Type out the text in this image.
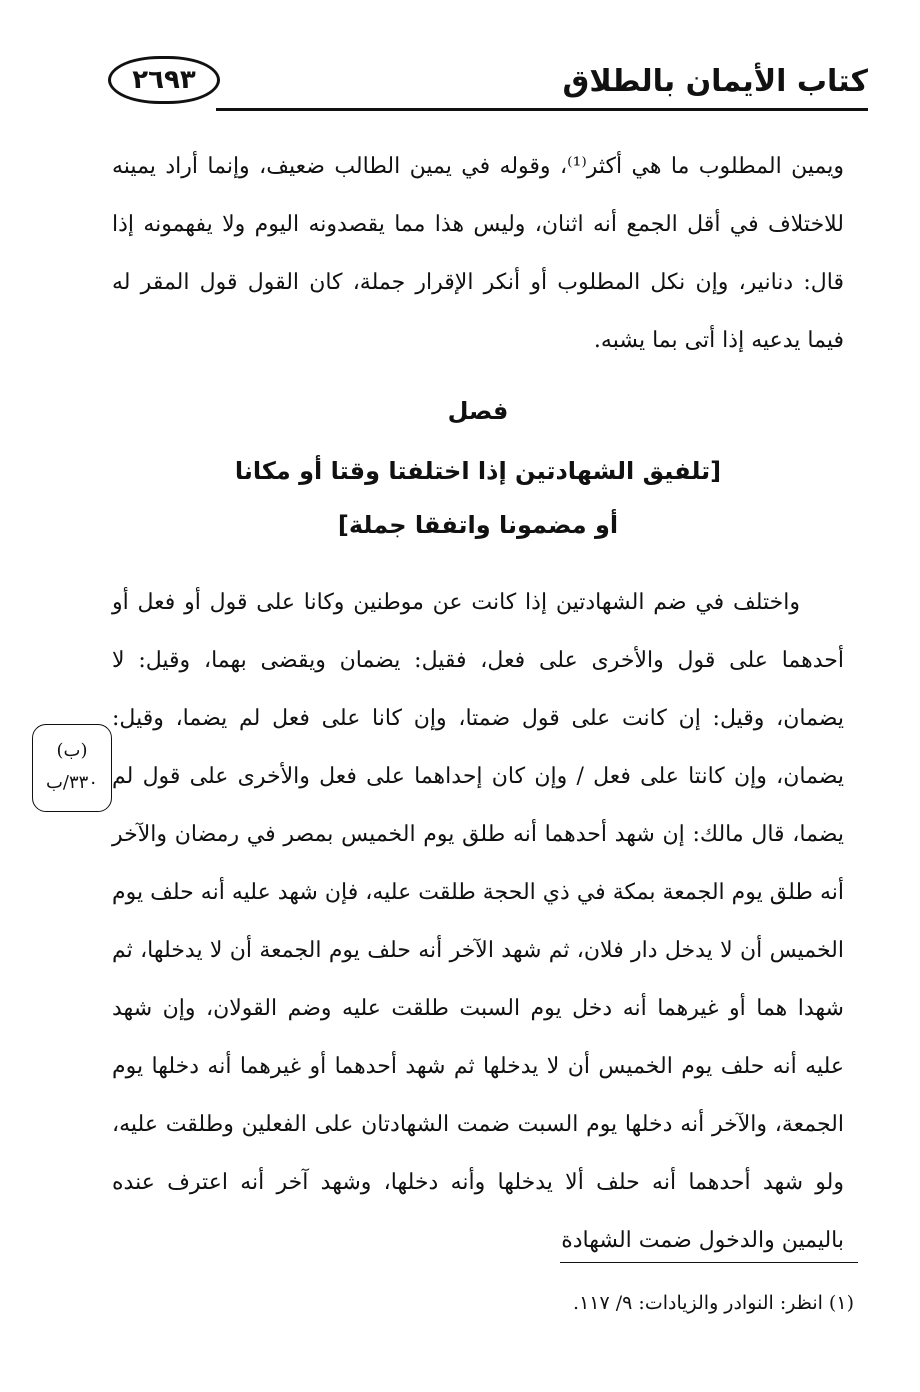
كتاب الأيمان بالطلاق
٢٦٩٣

ويمين المطلوب ما هي أكثر⁽¹⁾، وقوله في يمين الطالب ضعيف، وإنما أراد يمينه للاختلاف في أقل الجمع أنه اثنان، وليس هذا مما يقصدونه اليوم ولا يفهمونه إذا قال: دنانير، وإن نكل المطلوب أو أنكر الإقرار جملة، كان القول قول المقر له فيما يدعيه إذا أتى بما يشبه.

فصل
[تلفيق الشهادتين إذا اختلفتا وقتا أو مكانا
أو مضمونا واتفقا جملة]

واختلف في ضم الشهادتين إذا كانت عن موطنين وكانا على قول أو فعل أو أحدهما على قول والأخرى على فعل، فقيل: يضمان ويقضى بهما، وقيل: لا يضمان، وقيل: إن كانت على قول ضمتا، وإن كانا على فعل لم يضما، وقيل: يضمان، وإن كانتا على فعل / وإن كان إحداهما على فعل والأخرى على قول لم يضما، قال مالك: إن شهد أحدهما أنه طلق يوم الخميس بمصر في رمضان والآخر أنه طلق يوم الجمعة بمكة في ذي الحجة طلقت عليه، فإن شهد عليه أنه حلف يوم الخميس أن لا يدخل دار فلان، ثم شهد الآخر أنه حلف يوم الجمعة أن لا يدخلها، ثم شهدا هما أو غيرهما أنه دخل يوم السبت طلقت عليه وضم القولان، وإن شهد عليه أنه حلف يوم الخميس أن لا يدخلها ثم شهد أحدهما أو غيرهما أنه دخلها يوم الجمعة، والآخر أنه دخلها يوم السبت ضمت الشهادتان على الفعلين وطلقت عليه، ولو شهد أحدهما أنه حلف ألا يدخلها وأنه دخلها، وشهد آخر أنه اعترف عنده باليمين والدخول ضمت الشهادة

(ب)
٣٣٠/ب
(١) انظر: النوادر والزيادات: ٩/ ١١٧.
